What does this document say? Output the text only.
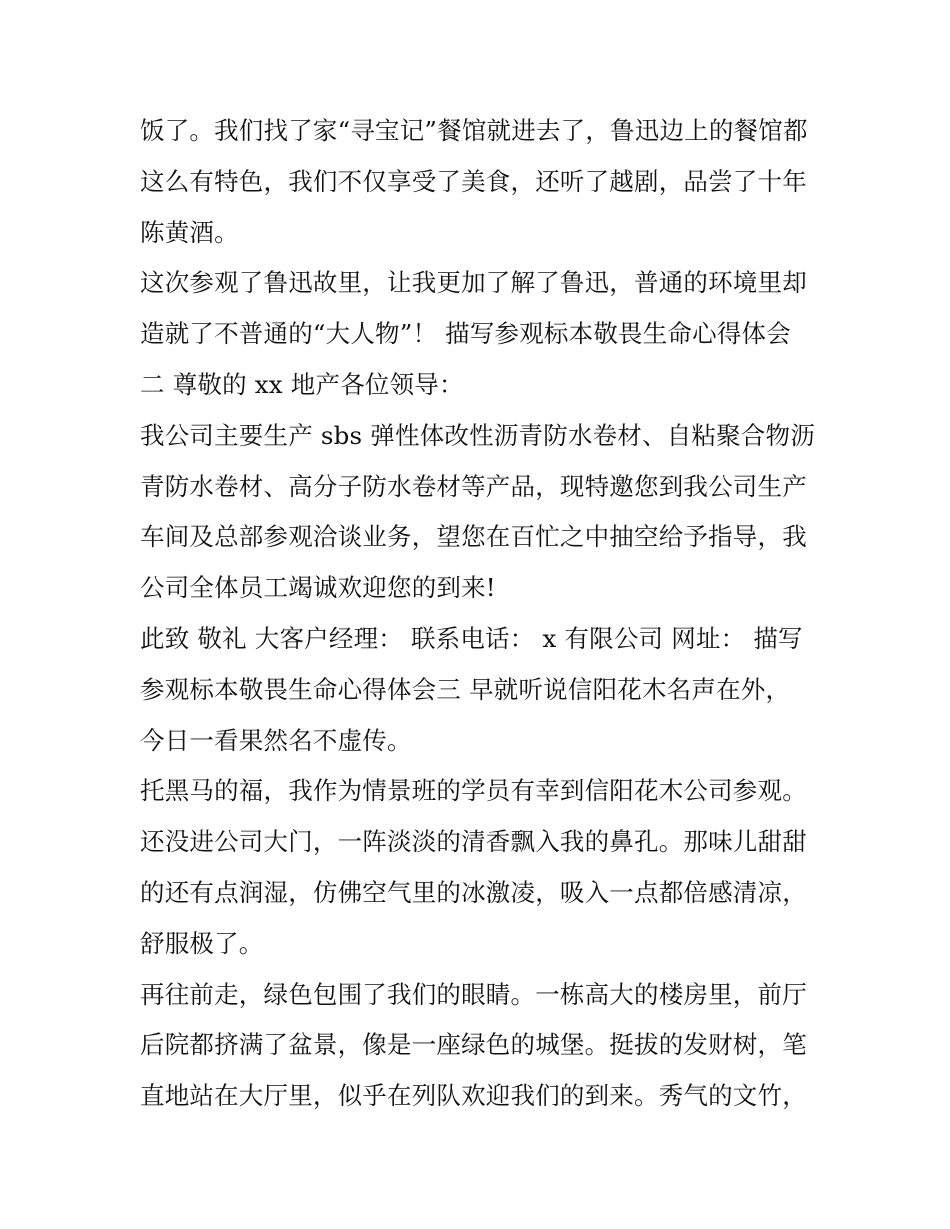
饭了。我们找了家“寻宝记”餐馆就进去了，鲁迅边上的餐馆都
这么有特色，我们不仅享受了美食，还听了越剧，品尝了十年
陈黄酒。
这次参观了鲁迅故里，让我更加了解了鲁迅，普通的环境里却
造就了不普通的“大人物”！ 描写参观标本敬畏生命心得体会
二 尊敬的 xx 地产各位领导：
我公司主要生产 sbs 弹性体改性沥青防水卷材、自粘聚合物沥
青防水卷材、高分子防水卷材等产品，现特邀您到我公司生产
车间及总部参观洽谈业务，望您在百忙之中抽空给予指导，我
公司全体员工竭诚欢迎您的到来!
此致 敬礼 大客户经理： 联系电话： x 有限公司 网址： 描写
参观标本敬畏生命心得体会三 早就听说信阳花木名声在外，
今日一看果然名不虚传。
托黑马的福，我作为情景班的学员有幸到信阳花木公司参观。
还没进公司大门，一阵淡淡的清香飘入我的鼻孔。那味儿甜甜
的还有点润湿，仿佛空气里的冰激凌，吸入一点都倍感清凉，
舒服极了。
再往前走，绿色包围了我们的眼睛。一栋高大的楼房里，前厅
后院都挤满了盆景，像是一座绿色的城堡。挺拔的发财树，笔
直地站在大厅里，似乎在列队欢迎我们的到来。秀气的文竹，
